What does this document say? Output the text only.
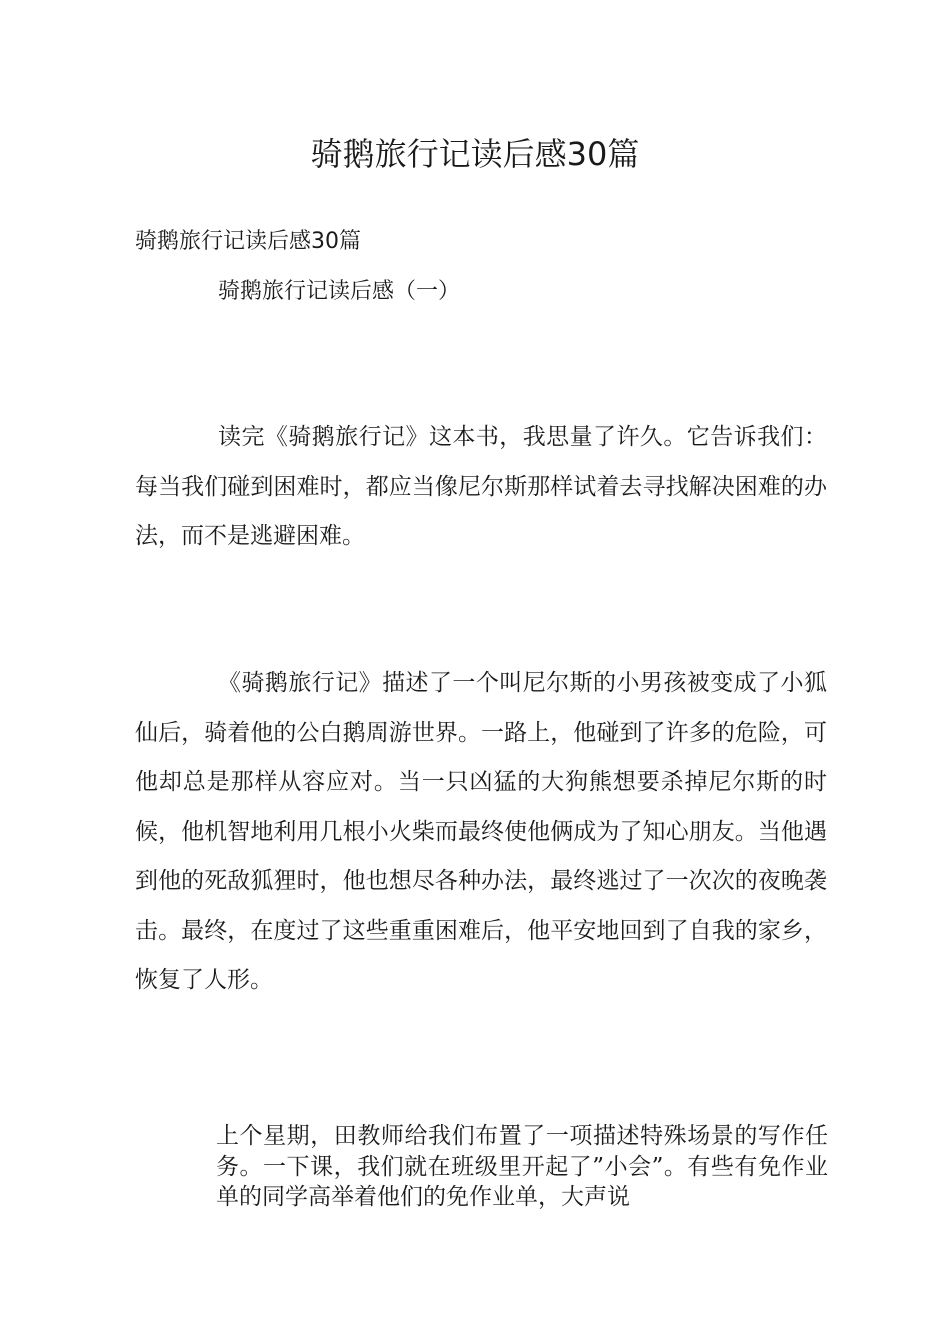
骑鹅旅行记读后感30篇
骑鹅旅行记读后感30篇
骑鹅旅行记读后感（一）

读完《骑鹅旅行记》这本书，我思量了许久。它告诉我们：每当我们碰到困难时，都应当像尼尔斯那样试着去寻找解决困难的办法，而不是逃避困难。

《骑鹅旅行记》描述了一个叫尼尔斯的小男孩被变成了小狐仙后，骑着他的公白鹅周游世界。一路上，他碰到了许多的危险，可他却总是那样从容应对。当一只凶猛的大狗熊想要杀掉尼尔斯的时候，他机智地利用几根小火柴而最终使他俩成为了知心朋友。当他遇到他的死敌狐狸时，他也想尽各种办法，最终逃过了一次次的夜晚袭击。最终，在度过了这些重重困难后，他平安地回到了自我的家乡，恢复了人形。

上个星期，田教师给我们布置了一项描述特殊场景的写作任务。一下课，我们就在班级里开起了”小会”。有些有免作业单的同学高举着他们的免作业单，大声说
